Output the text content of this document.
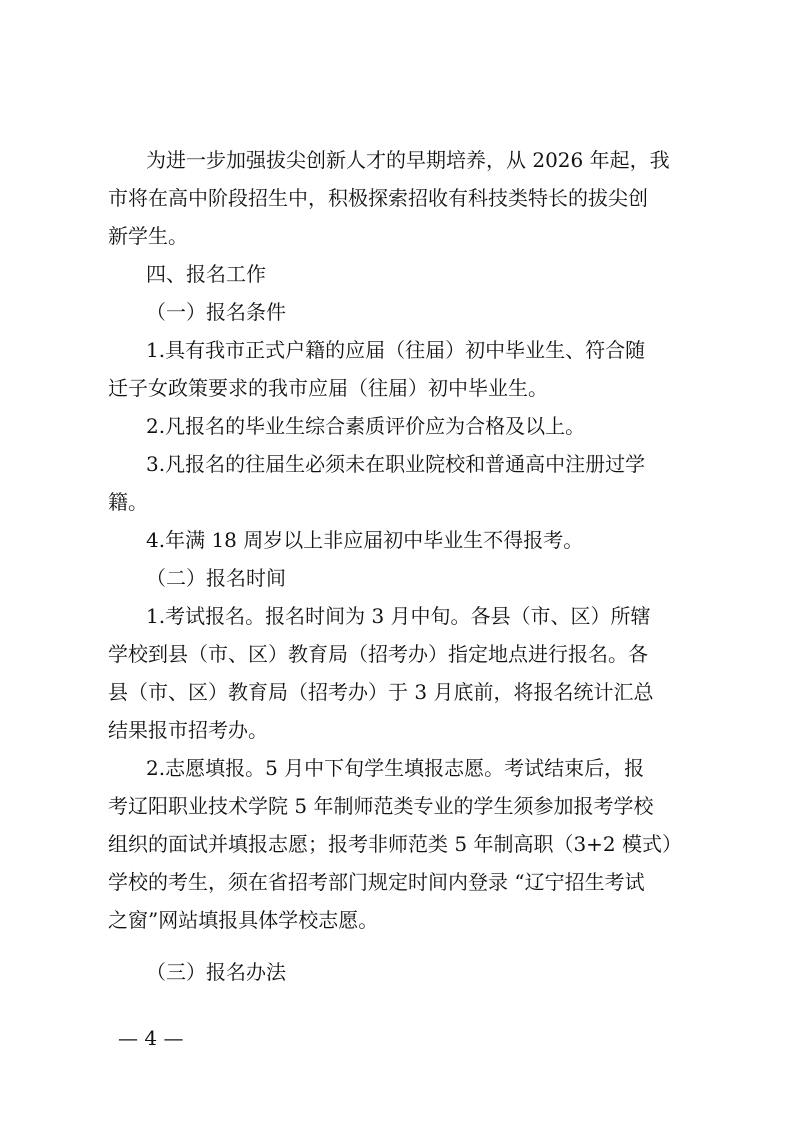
为进一步加强拔尖创新人才的早期培养，从 2026 年起，我
市将在高中阶段招生中，积极探索招收有科技类特长的拔尖创
新学生。
四、报名工作
（一）报名条件
1.具有我市正式户籍的应届（往届）初中毕业生、符合随
迁子女政策要求的我市应届（往届）初中毕业生。
2.凡报名的毕业生综合素质评价应为合格及以上。
3.凡报名的往届生必须未在职业院校和普通高中注册过学
籍。
4.年满 18 周岁以上非应届初中毕业生不得报考。
（二）报名时间
1.考试报名。报名时间为 3 月中旬。各县（市、区）所辖
学校到县（市、区）教育局（招考办）指定地点进行报名。各
县（市、区）教育局（招考办）于 3 月底前，将报名统计汇总
结果报市招考办。
2.志愿填报。5 月中下旬学生填报志愿。考试结束后，报
考辽阳职业技术学院 5 年制师范类专业的学生须参加报考学校
组织的面试并填报志愿；报考非师范类 5 年制高职（3+2 模式）
学校的考生，须在省招考部门规定时间内登录 “辽宁招生考试
之窗”网站填报具体学校志愿。
（三）报名办法
— 4 —
